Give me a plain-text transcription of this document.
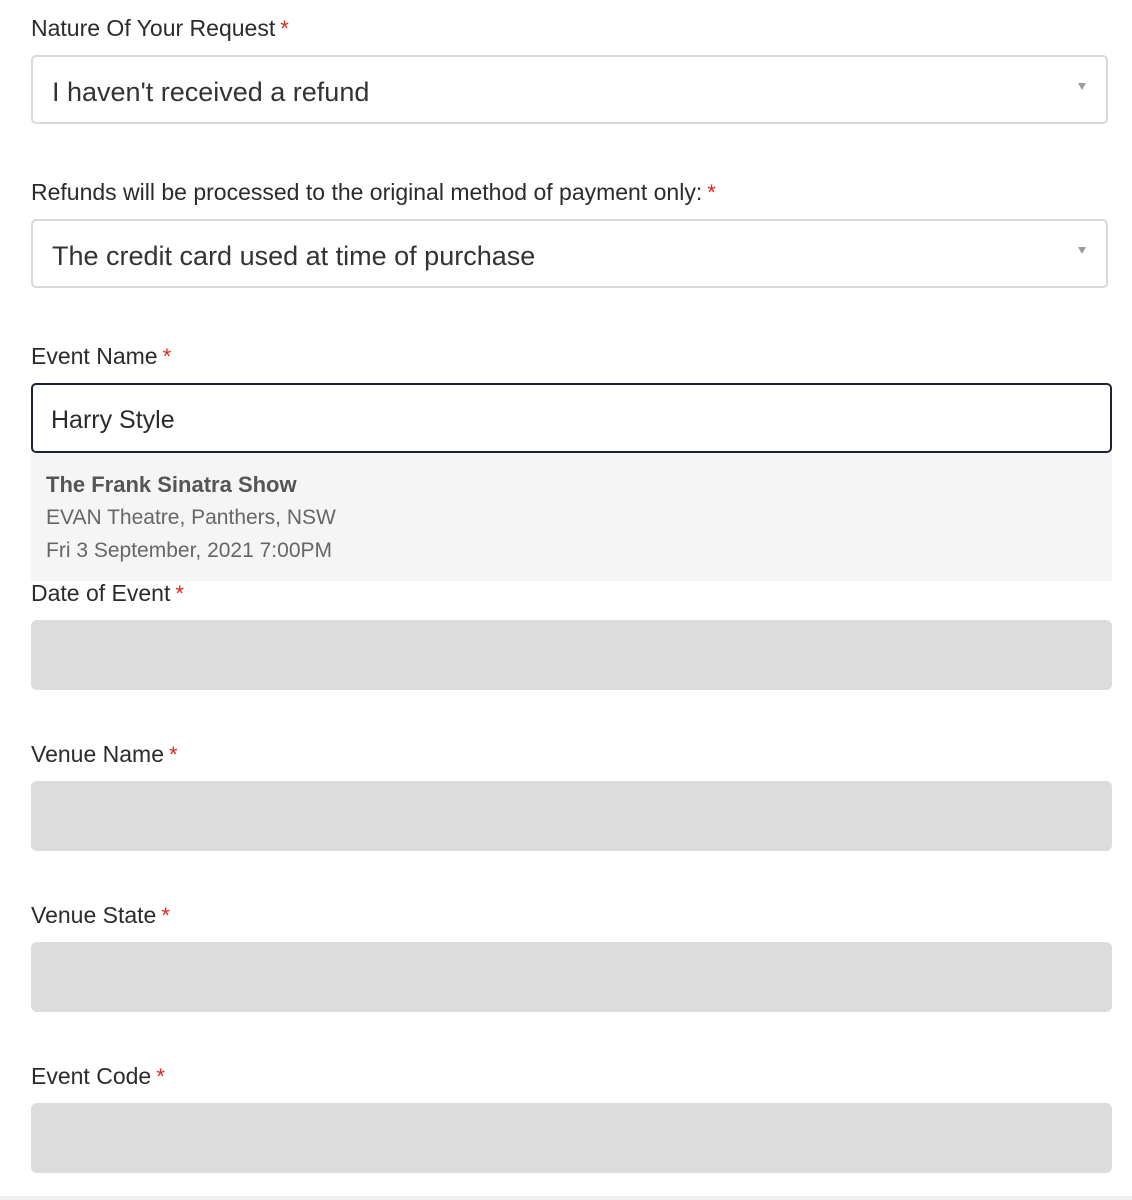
Nature Of Your Request *
I haven't received a refund
Refunds will be processed to the original method of payment only: *
The credit card used at time of purchase
Event Name *
Harry Style
The Frank Sinatra Show
EVAN Theatre, Panthers, NSW
Fri 3 September, 2021 7:00PM
Date of Event *
Venue Name *
Venue State *
Event Code *
